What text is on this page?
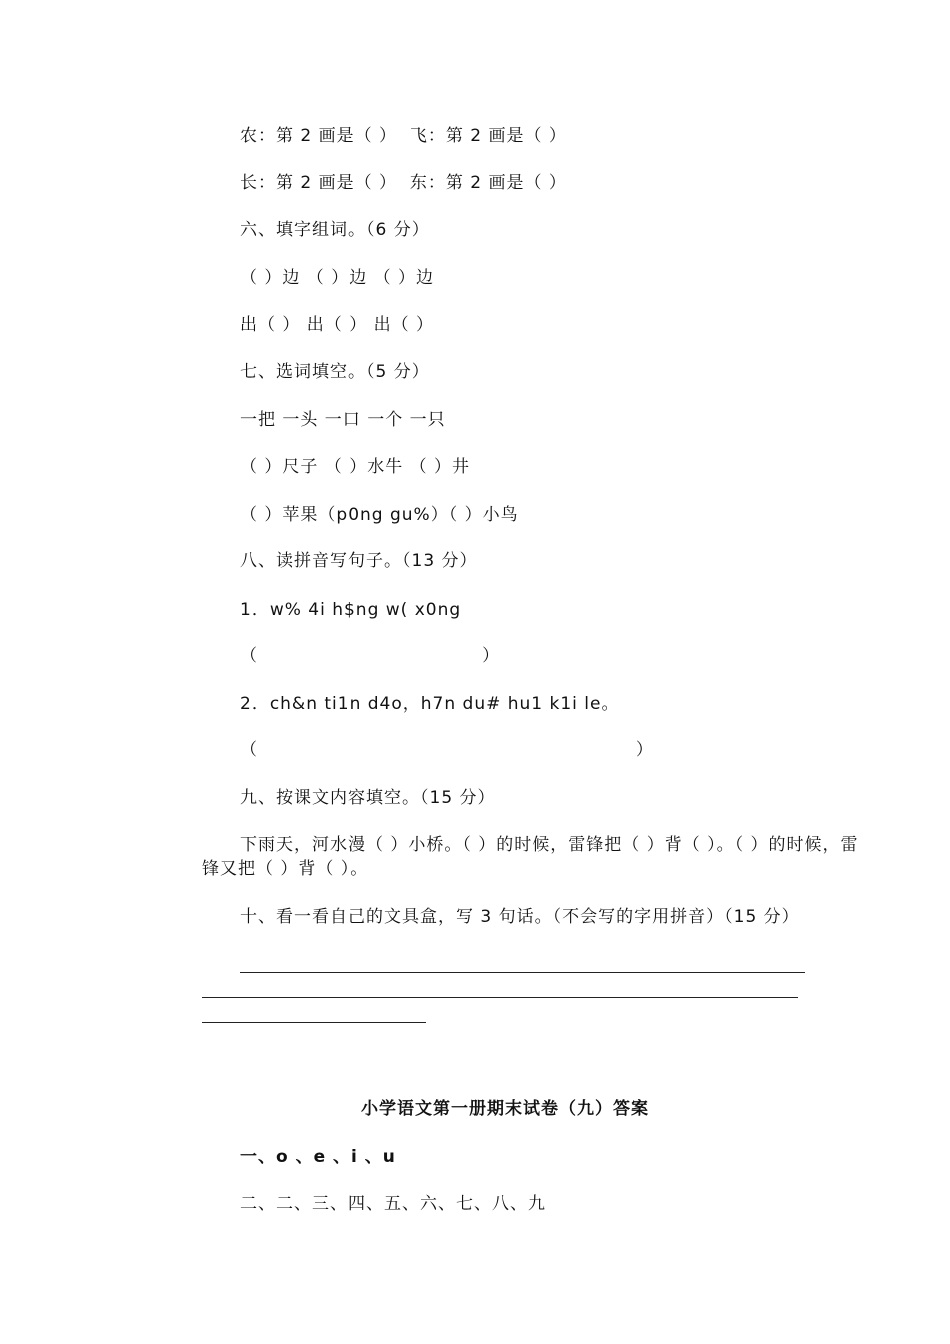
农：第 2 画是（ ）  飞：第 2 画是（ ）
长：第 2 画是（ ）  东：第 2 画是（ ）
六、填字组词。（6 分）
（ ）边 （ ）边 （ ）边
出（ ） 出（ ） 出（ ）
七、选词填空。（5 分）
一把 一头 一口 一个 一只
（ ）尺子 （ ）水牛 （ ）井
（ ）苹果（p0ng gu%）（ ）小鸟
八、读拼音写句子。（13 分）
1．w% 4i h$ng w( x0ng
（                                   ）
2．ch&n ti1n d4o，h7n du# hu1 k1i le。
（                                                           ）
九、按课文内容填空。（15 分）
下雨天，河水漫（ ）小桥。（ ）的时候，雷锋把（ ）背（ ）。（ ）的时候，雷
锋又把（ ）背（ ）。
十、看一看自己的文具盒，写 3 句话。（不会写的字用拼音）（15 分）
小学语文第一册期末试卷（九）答案
一、o 、e 、i 、u
二、二、三、四、五、六、七、八、九
